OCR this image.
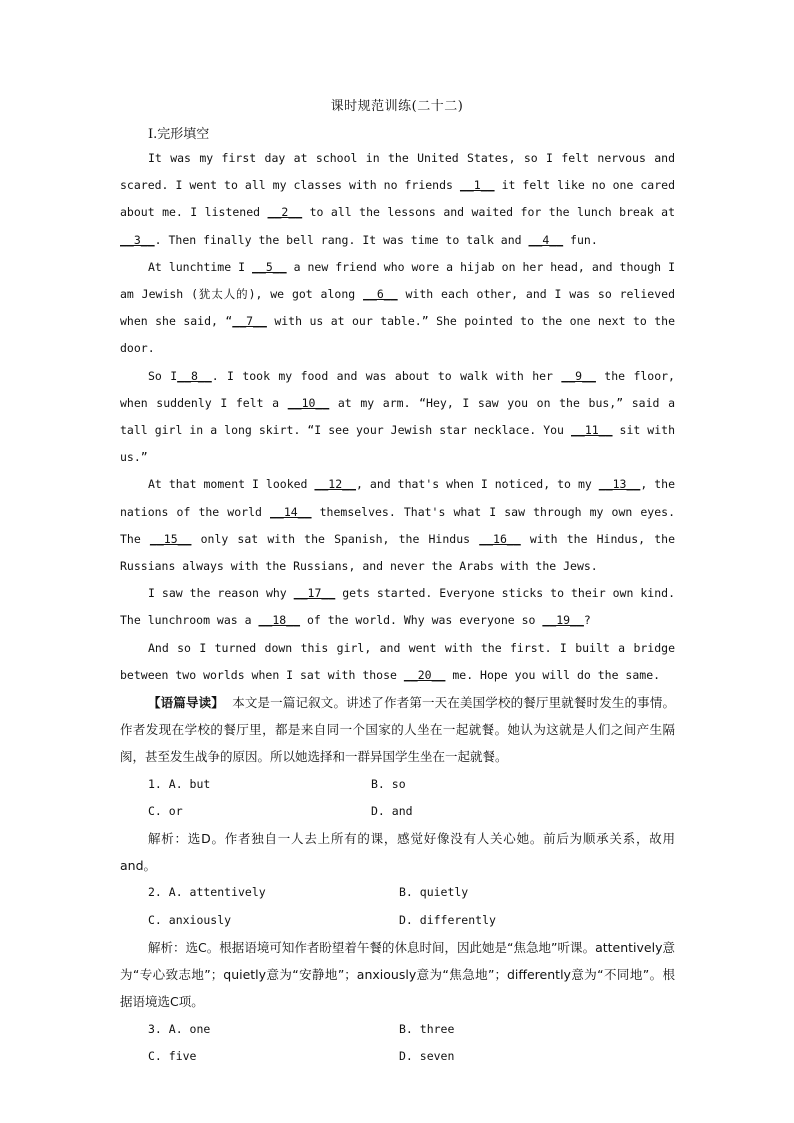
课时规范训练(二十二)
Ⅰ.完形填空

It was my first day at school in the United States, so I felt nervous and scared. I went to all my classes with no friends __1__ it felt like no one cared about me. I listened __2__ to all the lessons and waited for the lunch break at __3__. Then finally the bell rang. It was time to talk and __4__ fun.

At lunchtime I __5__ a new friend who wore a hijab on her head, and though I am Jewish (犹太人的), we got along __6__ with each other, and I was so relieved when she said, “__7__ with us at our table.” She pointed to the one next to the door.

So I__8__. I took my food and was about to walk with her __9__ the floor, when suddenly I felt a __10__ at my arm. “Hey, I saw you on the bus,” said a tall girl in a long skirt. “I see your Jewish star necklace. You __11__ sit with us.”

At that moment I looked __12__, and that's when I noticed, to my __13__, the nations of the world __14__ themselves. That's what I saw through my own eyes. The __15__ only sat with the Spanish, the Hindus __16__ with the Hindus, the Russians always with the Russians, and never the Arabs with the Jews.

I saw the reason why __17__ gets started. Everyone sticks to their own kind. The lunchroom was a __18__ of the world. Why was everyone so __19__?

And so I turned down this girl, and went with the first. I built a bridge between two worlds when I sat with those __20__ me. Hope you will do the same.

【语篇导读】 本文是一篇记叙文。讲述了作者第一天在美国学校的餐厅里就餐时发生的事情。作者发现在学校的餐厅里，都是来自同一个国家的人坐在一起就餐。她认为这就是人们之间产生隔阂，甚至发生战争的原因。所以她选择和一群异国学生坐在一起就餐。

1. A. but	B. so
C. or	D. and

解析：选D。作者独自一人去上所有的课，感觉好像没有人关心她。前后为顺承关系，故用and。

2. A. attentively	B. quietly
C. anxiously	D. differently

解析：选C。根据语境可知作者盼望着午餐的休息时间，因此她是“焦急地”听课。attentively意为“专心致志地”；quietly意为“安静地”；anxiously意为“焦急地”；differently意为“不同地”。根据语境选C项。

3. A. one	B. three
C. five	D. seven
